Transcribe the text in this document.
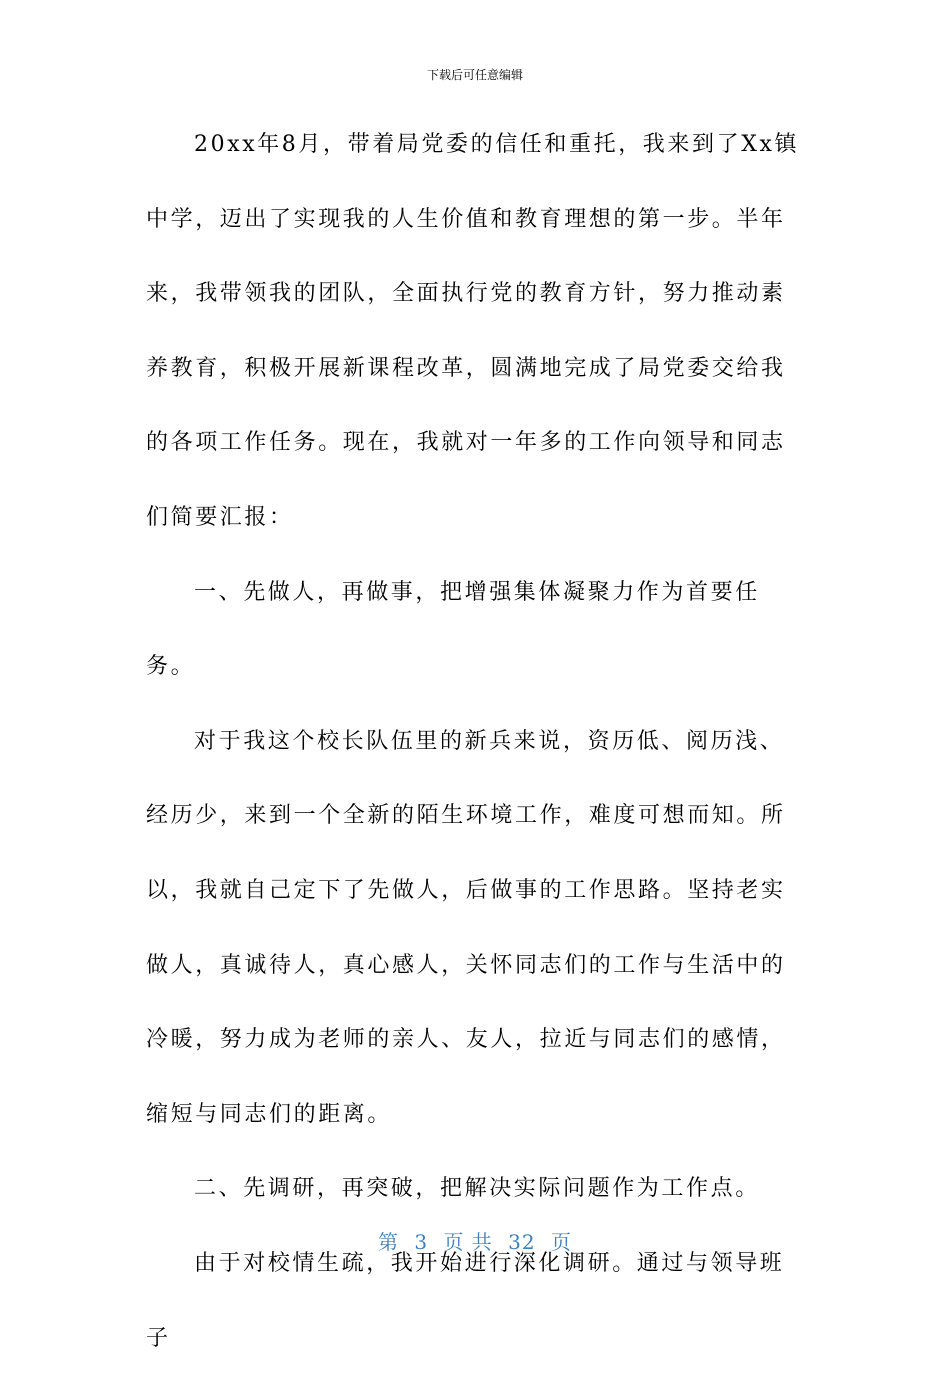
下载后可任意编辑

20xx年8月，带着局党委的信任和重托，我来到了Xx镇中学，迈出了实现我的人生价值和教育理想的第一步。半年来，我带领我的团队，全面执行党的教育方针，努力推动素养教育，积极开展新课程改革，圆满地完成了局党委交给我的各项工作任务。现在，我就对一年多的工作向领导和同志们简要汇报：

一、先做人，再做事，把增强集体凝聚力作为首要任务。

对于我这个校长队伍里的新兵来说，资历低、阅历浅、经历少，来到一个全新的陌生环境工作，难度可想而知。所以，我就自己定下了先做人，后做事的工作思路。坚持老实做人，真诚待人，真心感人，关怀同志们的工作与生活中的冷暖，努力成为老师的亲人、友人，拉近与同志们的感情，缩短与同志们的距离。

二、先调研，再突破，把解决实际问题作为工作点。

由于对校情生疏，我开始进行深化调研。通过与领导班子

第 3 页 共 32 页
